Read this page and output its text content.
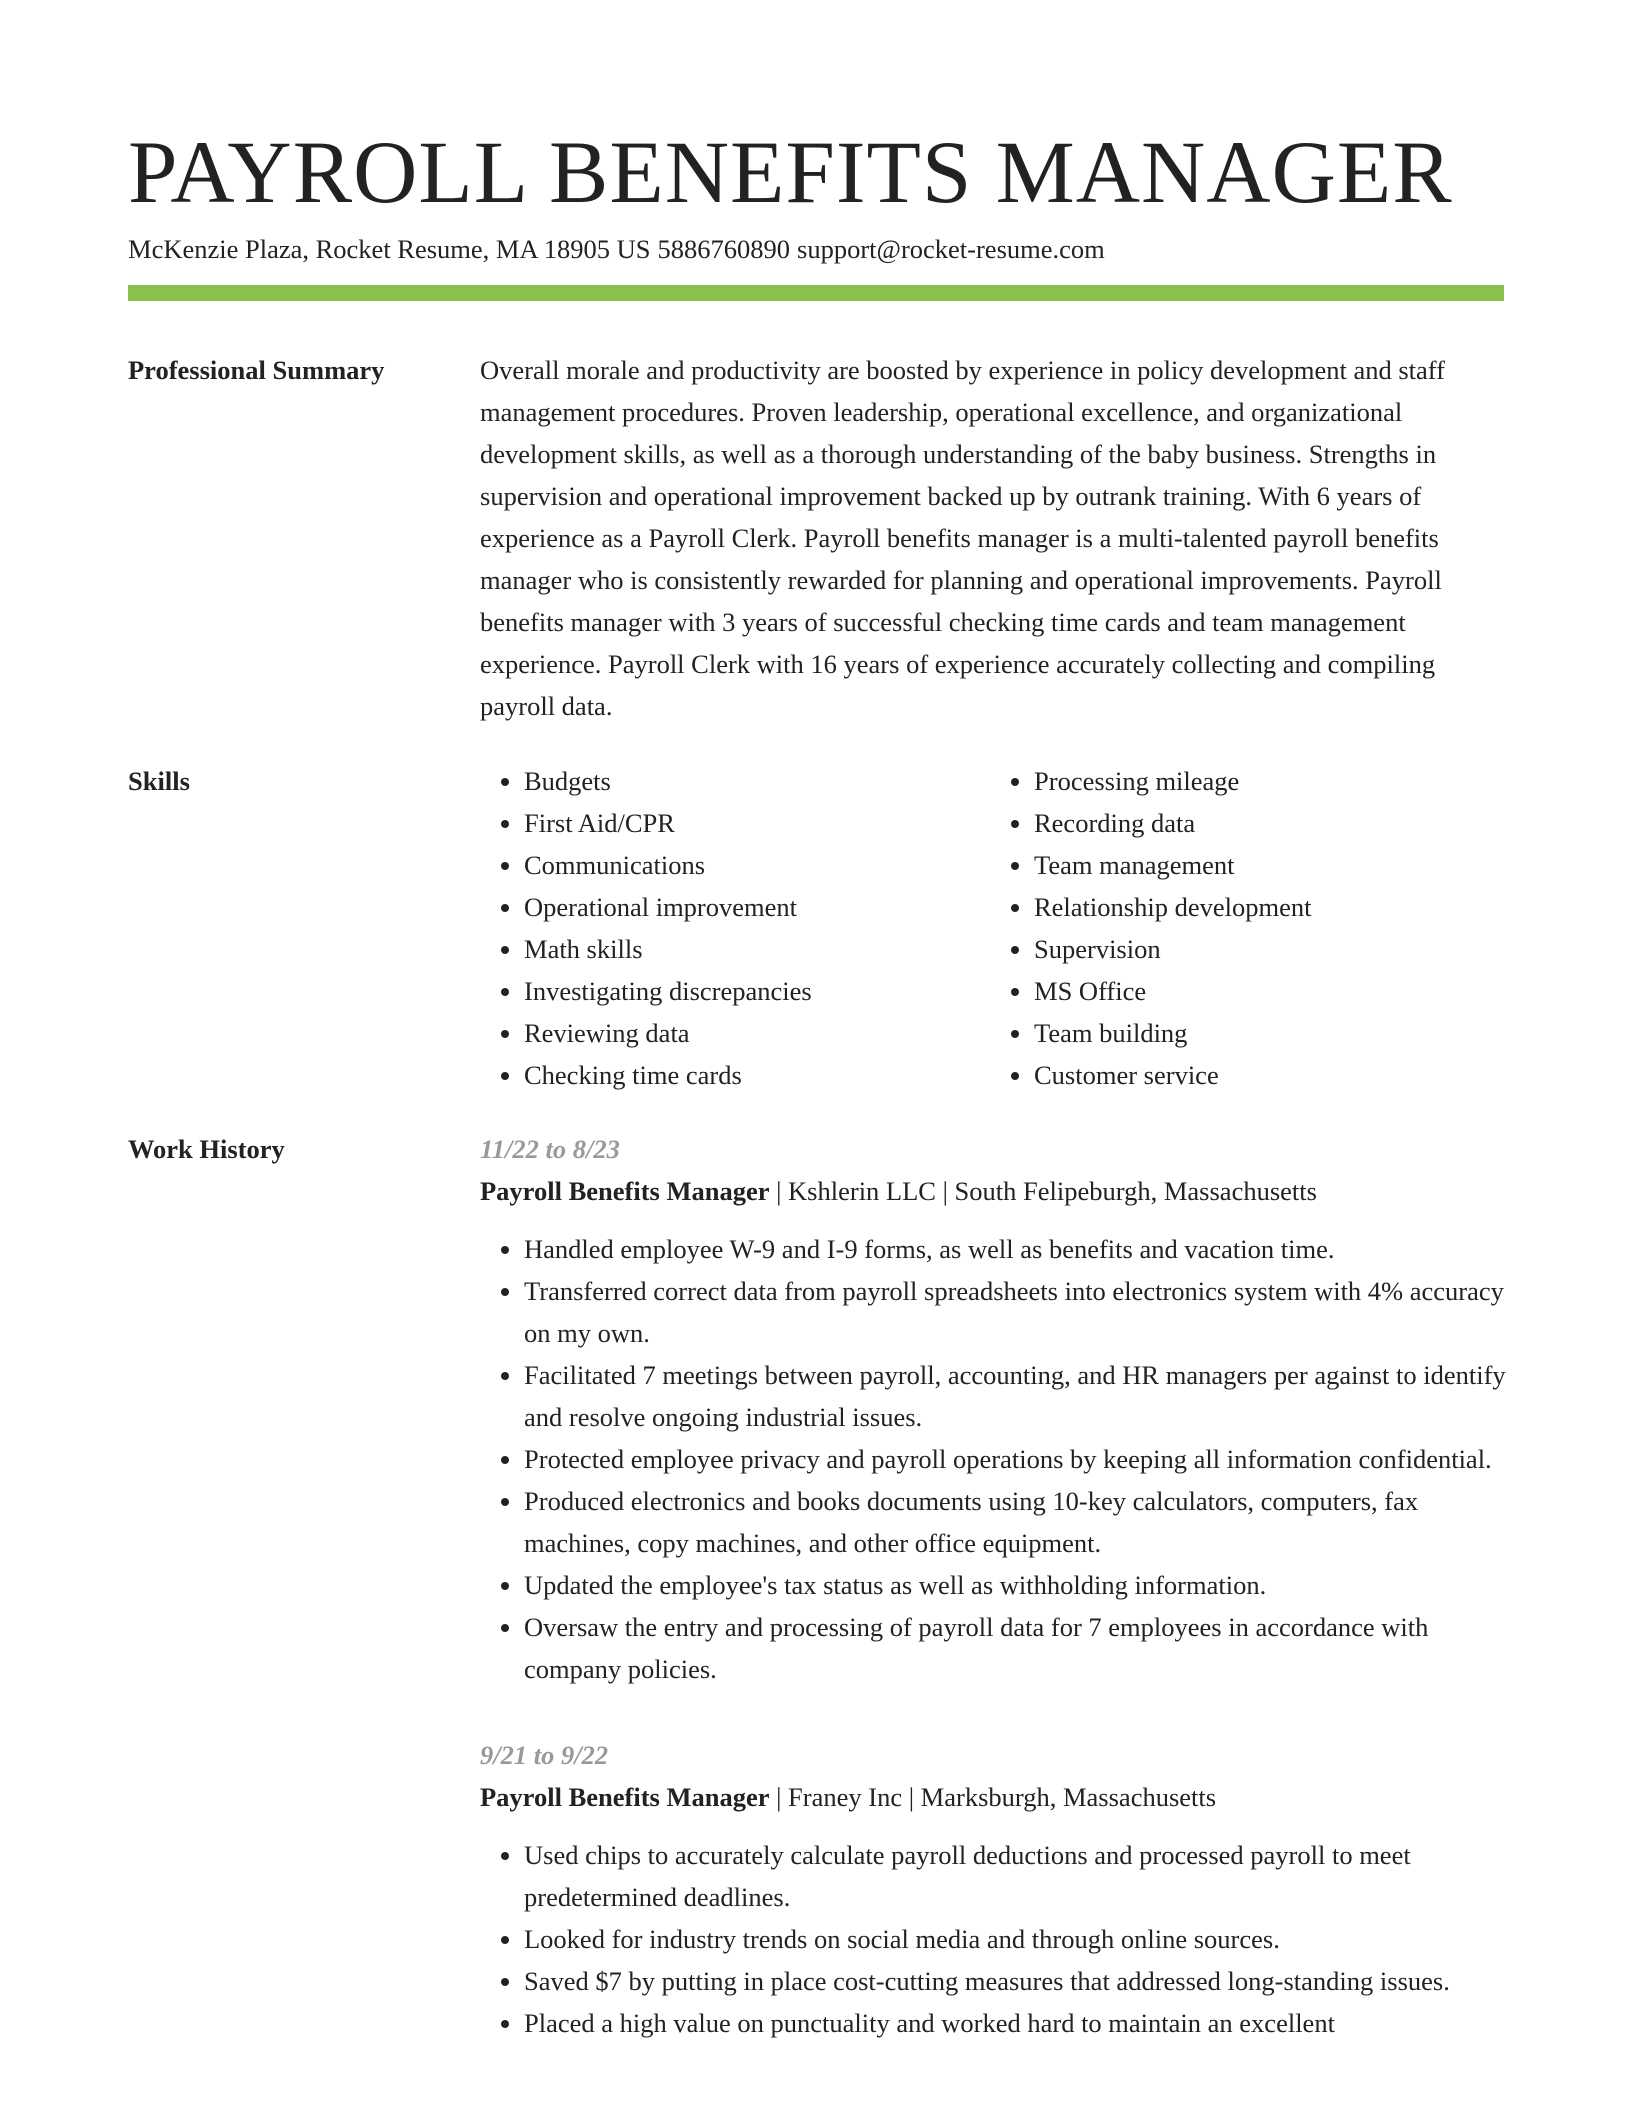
PAYROLL BENEFITS MANAGER
McKenzie Plaza, Rocket Resume, MA 18905 US 5886760890 support@rocket-resume.com
Professional Summary	Overall morale and productivity are boosted by experience in policy development and staff management procedures. Proven leadership, operational excellence, and organizational development skills, as well as a thorough understanding of the baby business. Strengths in supervision and operational improvement backed up by outrank training. With 6 years of experience as a Payroll Clerk. Payroll benefits manager is a multi-talented payroll benefits manager who is consistently rewarded for planning and operational improvements. Payroll benefits manager with 3 years of successful checking time cards and team management experience. Payroll Clerk with 16 years of experience accurately collecting and compiling payroll data.

Skills
•	Budgets
• First Aid/CPR
• Communications
• Operational improvement
• Math skills
• Investigating discrepancies
• Reviewing data
• Checking time cards
• Processing mileage
• Recording data
• Team management
• Relationship development
• Supervision
• MS Office
• Team building
• Customer service
Work History	11/22 to 8/23
Payroll Benefits Manager | Kshlerin LLC | South Felipeburgh, Massachusetts
• Handled employee W-9 and I-9 forms, as well as benefits and vacation time.
• Transferred correct data from payroll spreadsheets into electronics system with 4% accuracy on my own.
• Facilitated 7 meetings between payroll, accounting, and HR managers per against to identify and resolve ongoing industrial issues.
• Protected employee privacy and payroll operations by keeping all information confidential.
• Produced electronics and books documents using 10-key calculators, computers, fax machines, copy machines, and other office equipment.
• Updated the employee's tax status as well as withholding information.
• Oversaw the entry and processing of payroll data for 7 employees in accordance with company policies.
9/21 to 9/22
Payroll Benefits Manager | Franey Inc | Marksburgh, Massachusetts
• Used chips to accurately calculate payroll deductions and processed payroll to meet predetermined deadlines.
• Looked for industry trends on social media and through online sources.
• Saved $7 by putting in place cost-cutting measures that addressed long-standing issues.
• Placed a high value on punctuality and worked hard to maintain an excellent
